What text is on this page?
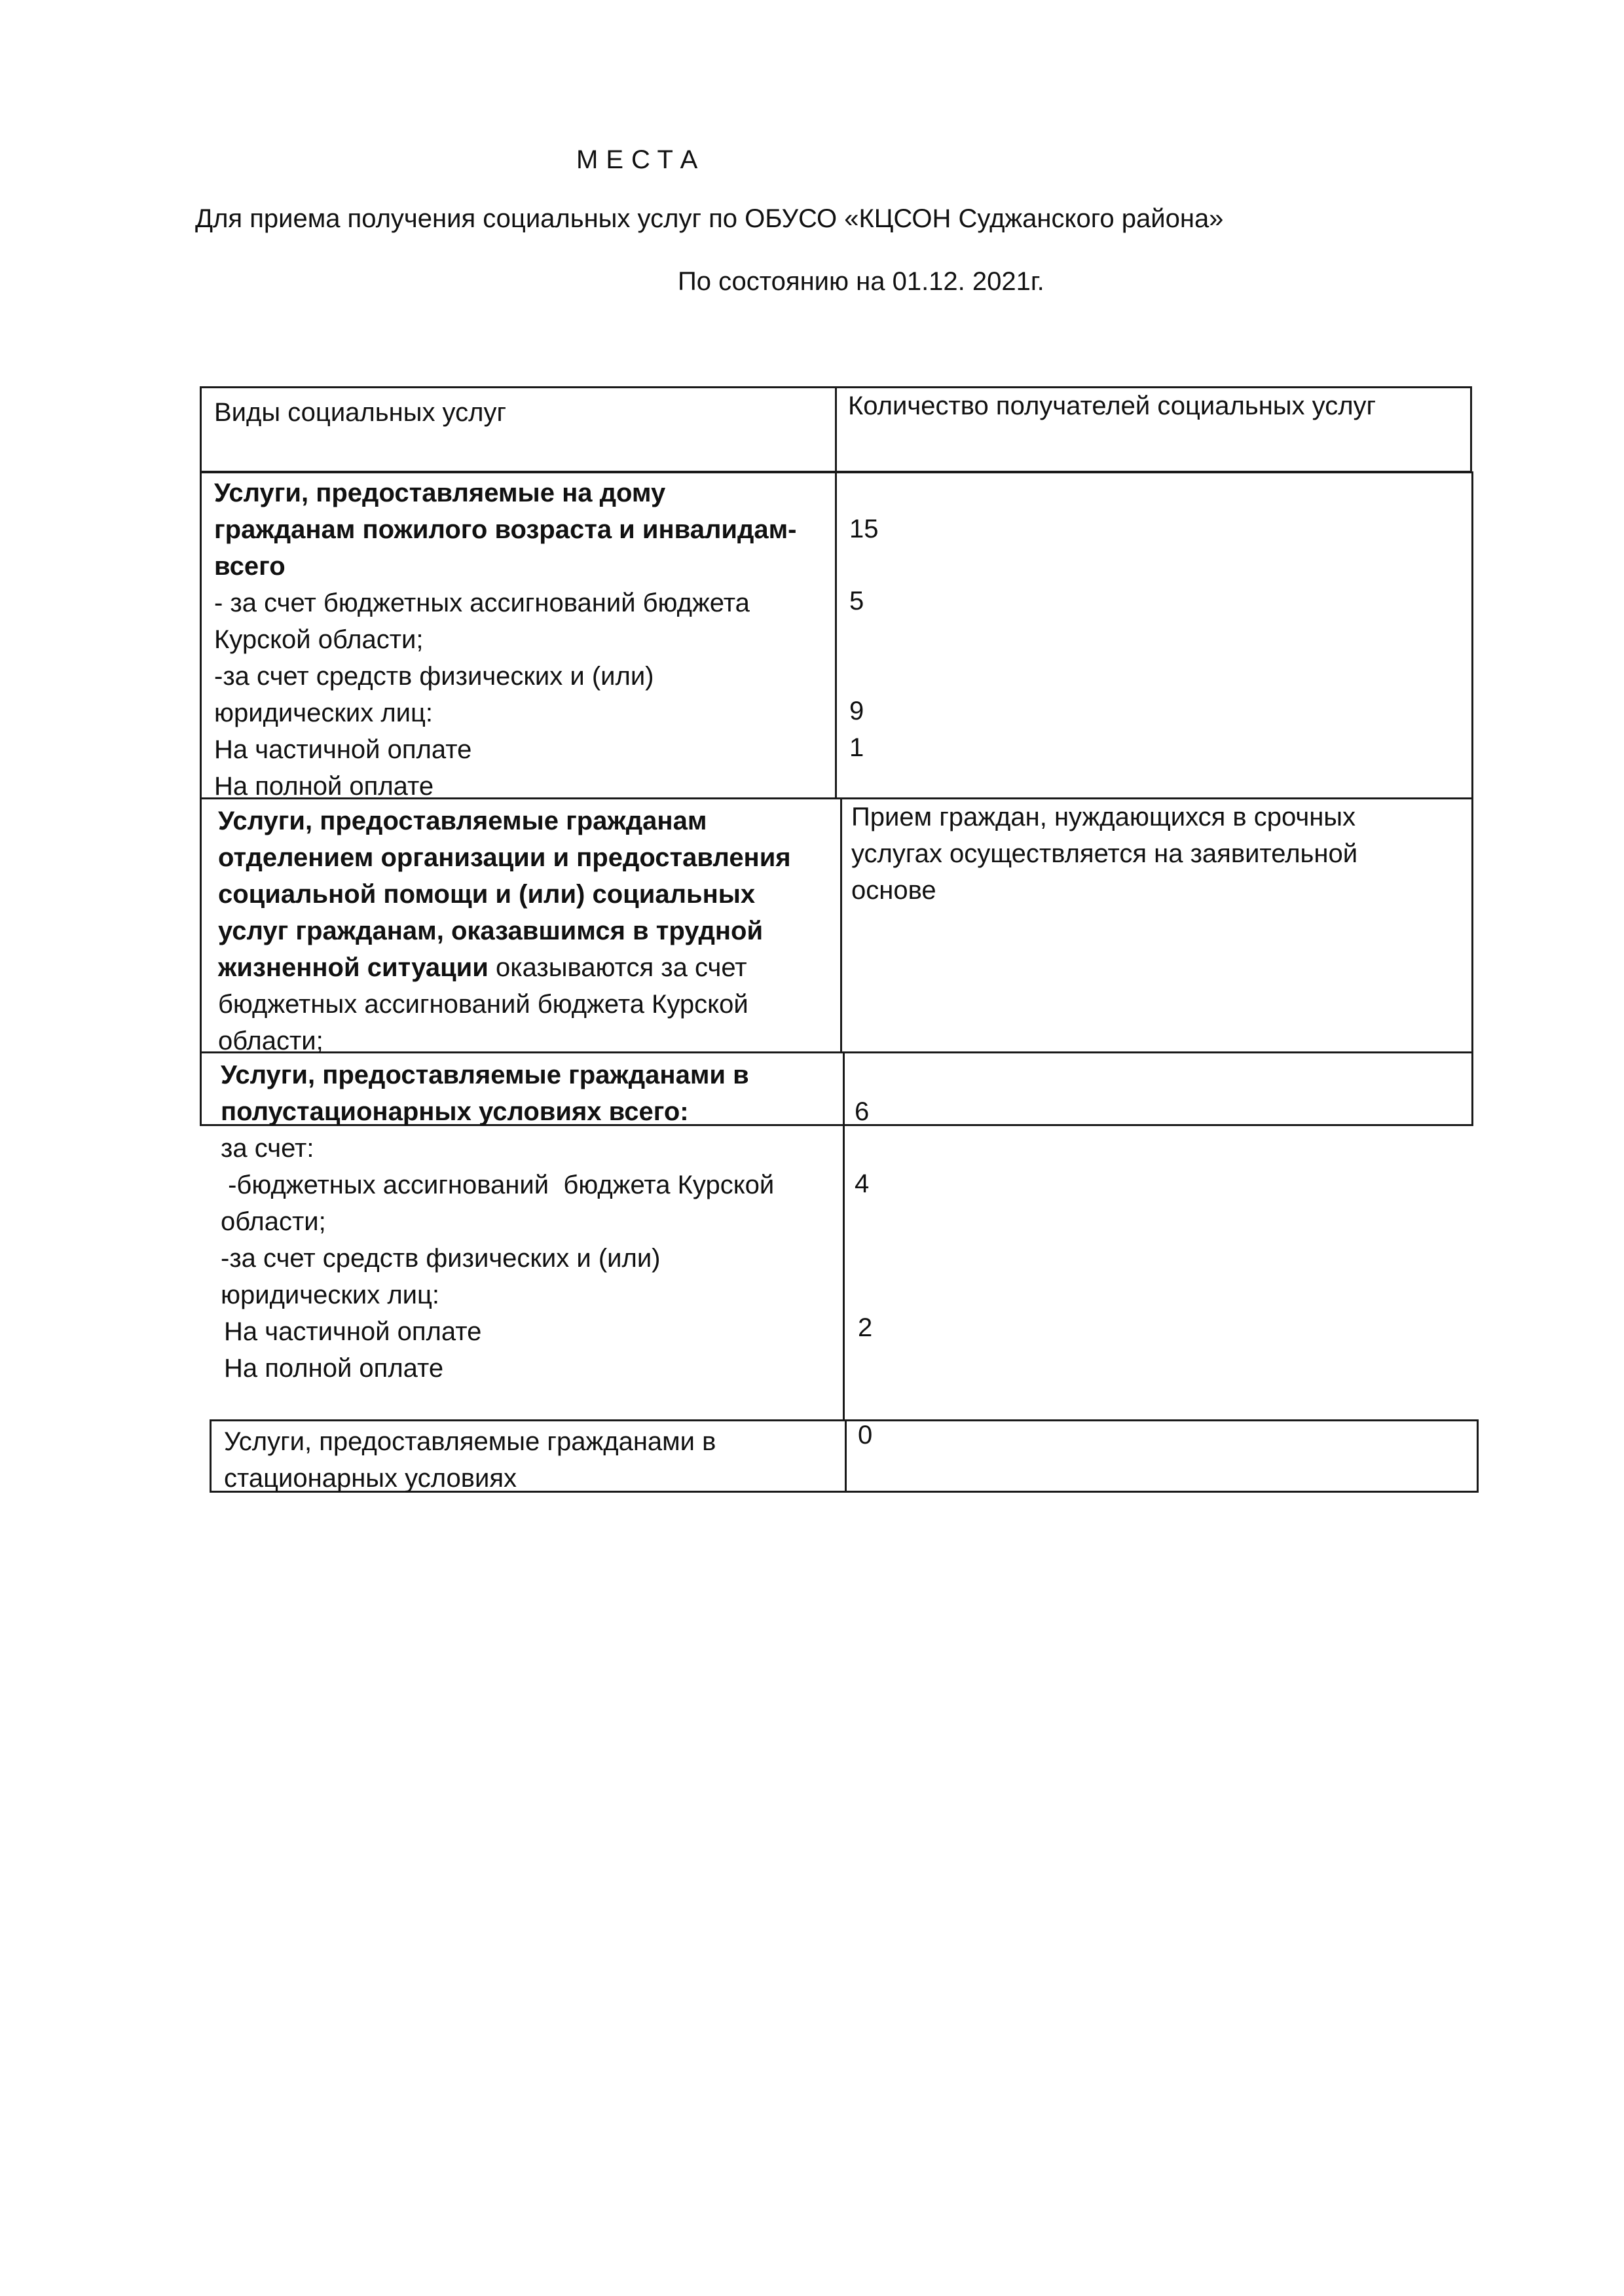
МЕСТА
Для приема получения социальных услуг по ОБУСО «КЦСОН Суджанского района»
По состоянию на 01.12. 2021г.
Виды социальных услуг	Количество получателей социальных услуг
Услуги, предоставляемые на дому
гражданам пожилого возраста и инвалидам-
всего
- за счет бюджетных ассигнований бюджета
Курской области;
-за счет средств физических и (или)
юридических лиц:
На частичной оплате
На полной оплате
15
5
9
1
Услуги, предоставляемые гражданам
отделением организации и предоставления
социальной помощи и (или) социальных
услуг гражданам, оказавшимся в трудной
жизненной ситуации оказываются за счет
бюджетных ассигнований бюджета Курской
области;
Прием граждан, нуждающихся в срочных
услугах осуществляется на заявительной
основе
Услуги, предоставляемые гражданами в
полустационарных условиях всего:
за счет:
-бюджетных ассигнований  бюджета Курской
области;
-за счет средств физических и (или)
юридических лиц:
На частичной оплате
На полной оплате
6
4
2
Услуги, предоставляемые гражданами в
стационарных условиях
0
